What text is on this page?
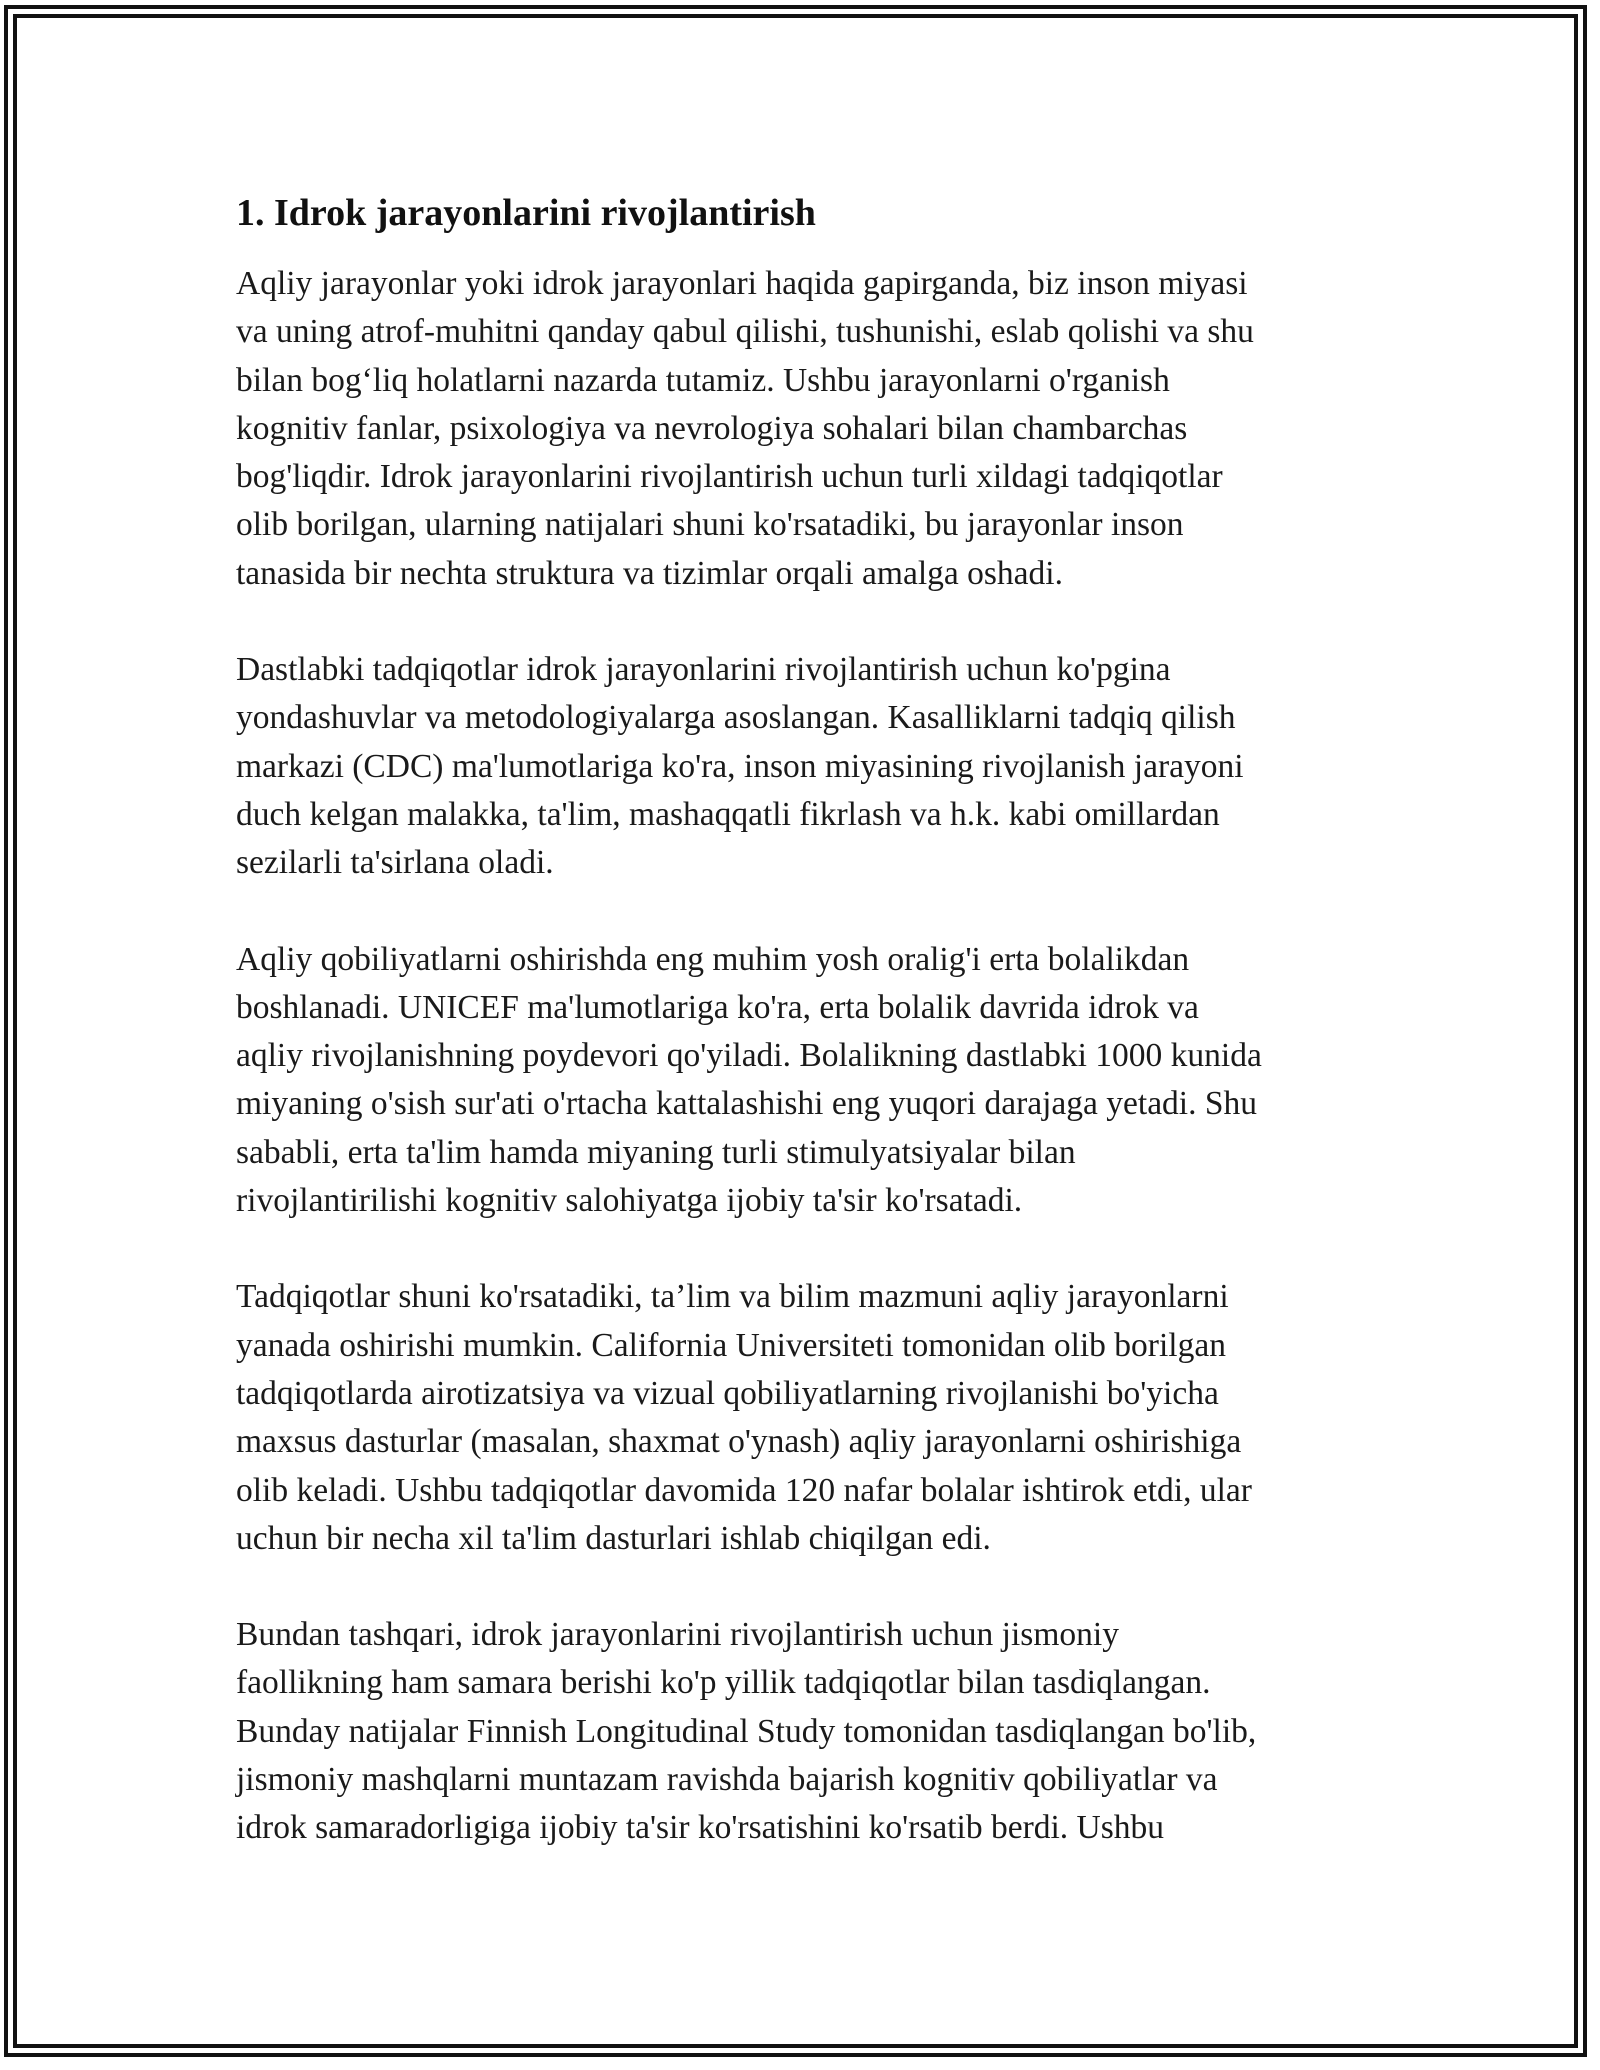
1. Idrok jarayonlarini rivojlantirish

Aqliy jarayonlar yoki idrok jarayonlari haqida gapirganda, biz inson miyasi
va uning atrof-muhitni qanday qabul qilishi, tushunishi, eslab qolishi va shu
bilan bog‘liq holatlarni nazarda tutamiz. Ushbu jarayonlarni o'rganish
kognitiv fanlar, psixologiya va nevrologiya sohalari bilan chambarchas
bog'liqdir. Idrok jarayonlarini rivojlantirish uchun turli xildagi tadqiqotlar
olib borilgan, ularning natijalari shuni ko'rsatadiki, bu jarayonlar inson
tanasida bir nechta struktura va tizimlar orqali amalga oshadi.

Dastlabki tadqiqotlar idrok jarayonlarini rivojlantirish uchun ko'pgina
yondashuvlar va metodologiyalarga asoslangan. Kasalliklarni tadqiq qilish
markazi (CDC) ma'lumotlariga ko'ra, inson miyasining rivojlanish jarayoni
duch kelgan malakka, ta'lim, mashaqqatli fikrlash va h.k. kabi omillardan
sezilarli ta'sirlana oladi.

Aqliy qobiliyatlarni oshirishda eng muhim yosh oralig'i erta bolalikdan
boshlanadi. UNICEF ma'lumotlariga ko'ra, erta bolalik davrida idrok va
aqliy rivojlanishning poydevori qo'yiladi. Bolalikning dastlabki 1000 kunida
miyaning o'sish sur'ati o'rtacha kattalashishi eng yuqori darajaga yetadi. Shu
sababli, erta ta'lim hamda miyaning turli stimulyatsiyalar bilan
rivojlantirilishi kognitiv salohiyatga ijobiy ta'sir ko'rsatadi.

Tadqiqotlar shuni ko'rsatadiki, ta’lim va bilim mazmuni aqliy jarayonlarni
yanada oshirishi mumkin. California Universiteti tomonidan olib borilgan
tadqiqotlarda airotizatsiya va vizual qobiliyatlarning rivojlanishi bo'yicha
maxsus dasturlar (masalan, shaxmat o'ynash) aqliy jarayonlarni oshirishiga
olib keladi. Ushbu tadqiqotlar davomida 120 nafar bolalar ishtirok etdi, ular
uchun bir necha xil ta'lim dasturlari ishlab chiqilgan edi.

Bundan tashqari, idrok jarayonlarini rivojlantirish uchun jismoniy
faollikning ham samara berishi ko'p yillik tadqiqotlar bilan tasdiqlangan.
Bunday natijalar Finnish Longitudinal Study tomonidan tasdiqlangan bo'lib,
jismoniy mashqlarni muntazam ravishda bajarish kognitiv qobiliyatlar va
idrok samaradorligiga ijobiy ta'sir ko'rsatishini ko'rsatib berdi. Ushbu
